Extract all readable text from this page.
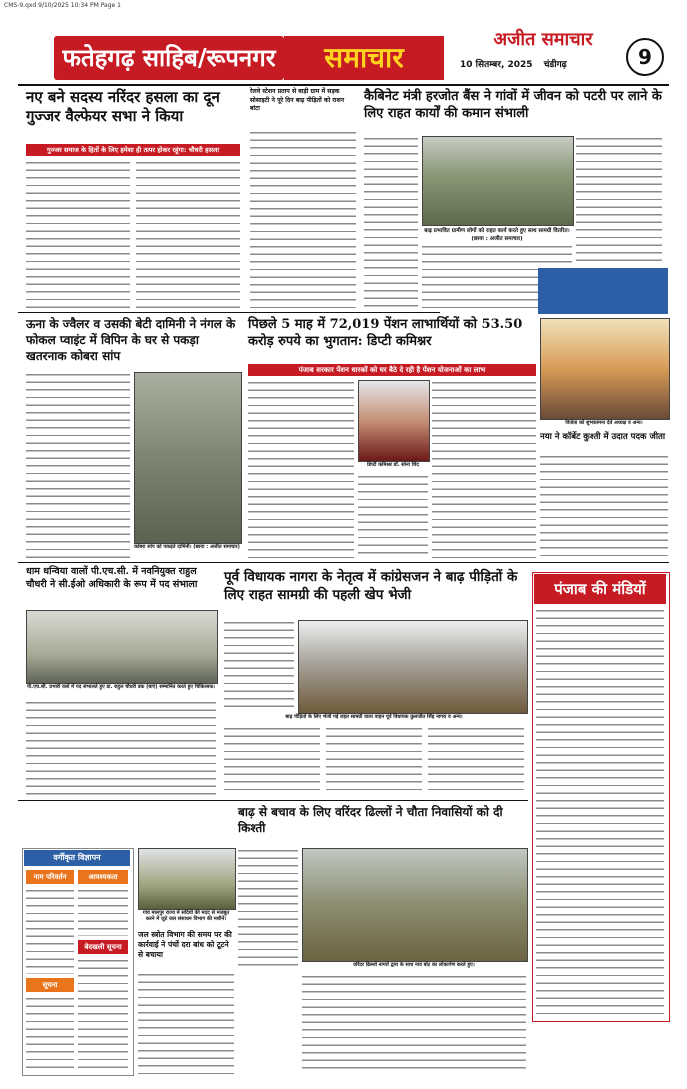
CMS-9.qxd 9/10/2025 10:34 PM Page 1
फतेहगढ़ साहिब/रूपनगर	समाचार
अजीत समाचार
10 सितम्बर, 2025 चंडीगढ़	9
नए बने सदस्य नरिंदर हसला का दून गुज्जर वैल्फेयर सभा ने किया
गुज्जर समाज के हितों के लिए हमेशा ही तत्पर होकर रहूंगा: चौधरी हसला
रेलवे स्टेशन प्रताप से बाड़ी ग्राम में सड़क सोसाइटी ने पूरे दिन बाढ़ पीड़ितों को राशन बांटा
कैबिनेट मंत्री हरजोत बैंस ने गांवों में जीवन को पटरी पर लाने के लिए राहत कार्यों की कमान संभाली
बाढ़ प्रभावित ग्रामीण लोगों को राहत कार्य करते हुए साथ सामग्री वितरित। (छाया : अजीत समाचार)
ऊना के ज्वैलर व उसकी बेटी दामिनी ने नंगल के फोकल प्वाइंट में विपिन के घर से पकड़ा खतरनाक कोबरा सांप
कोबरा सांप को पकड़ते दामिनी। (छाया : अजीत समाचार)
पिछले 5 माह में 72,019 पेंशन लाभार्थियों को 53.50 करोड़ रुपये का भुगतान: डिप्टी कमिश्नर
पंजाब सरकार पेंशन धारकों को घर बैठे दे रही है पेंशन योजनाओं का लाभ
डिप्टी कमिश्नर डॉ. सोना थिंद
विजेता को शुभकामना देते अध्यक्ष व अन्य।
नया ने कॉर्बेट कुश्ती में उदात पदक जीता
धाम धन्विया वालों पी.एच.सी. में नवनियुक्त राहुल चौधरी ने सी.ईओ अधिकारी के रूप में पद संभाला
पी.एच.सी. प्रभारी वलों में पद संभालते हुए डा. राहुल चौधरी डक (बाएं) सम्मानित करते हुए चिकित्सक।
पूर्व विधायक नागरा के नेतृत्व में कांग्रेसजन ने बाढ़ पीड़ितों के लिए राहत सामग्री की पहली खेप भेजी
बाढ़ पीड़ितों के लिए भेजी गई राहत सामग्री वाला वाहन पूर्व विधायक कुलजीत सिंह नागरा व अन्य।
पंजाब की मंडियों
वर्गीकृत विज्ञापन
नाम परिवर्तन	आवश्यकता
बेदखली सूचना
सूचना
बाढ़ से बचाव के लिए वरिंदर ढिल्लों ने चौता निवासियों को दी किश्ती
वरिंदर ढिल्लों नागरों द्वारा के साथ नाव बोट का लोकार्पण करते हुए।
गांव मालपुर राज्य में सदियों की मदद से मजबूत करने में जुटे जल संसाधन विभाग की मशीनें।
जल स्त्रोत विभाग की समय पर की कार्रवाई ने पंचों दरा बांध को टूटने से बचाया
